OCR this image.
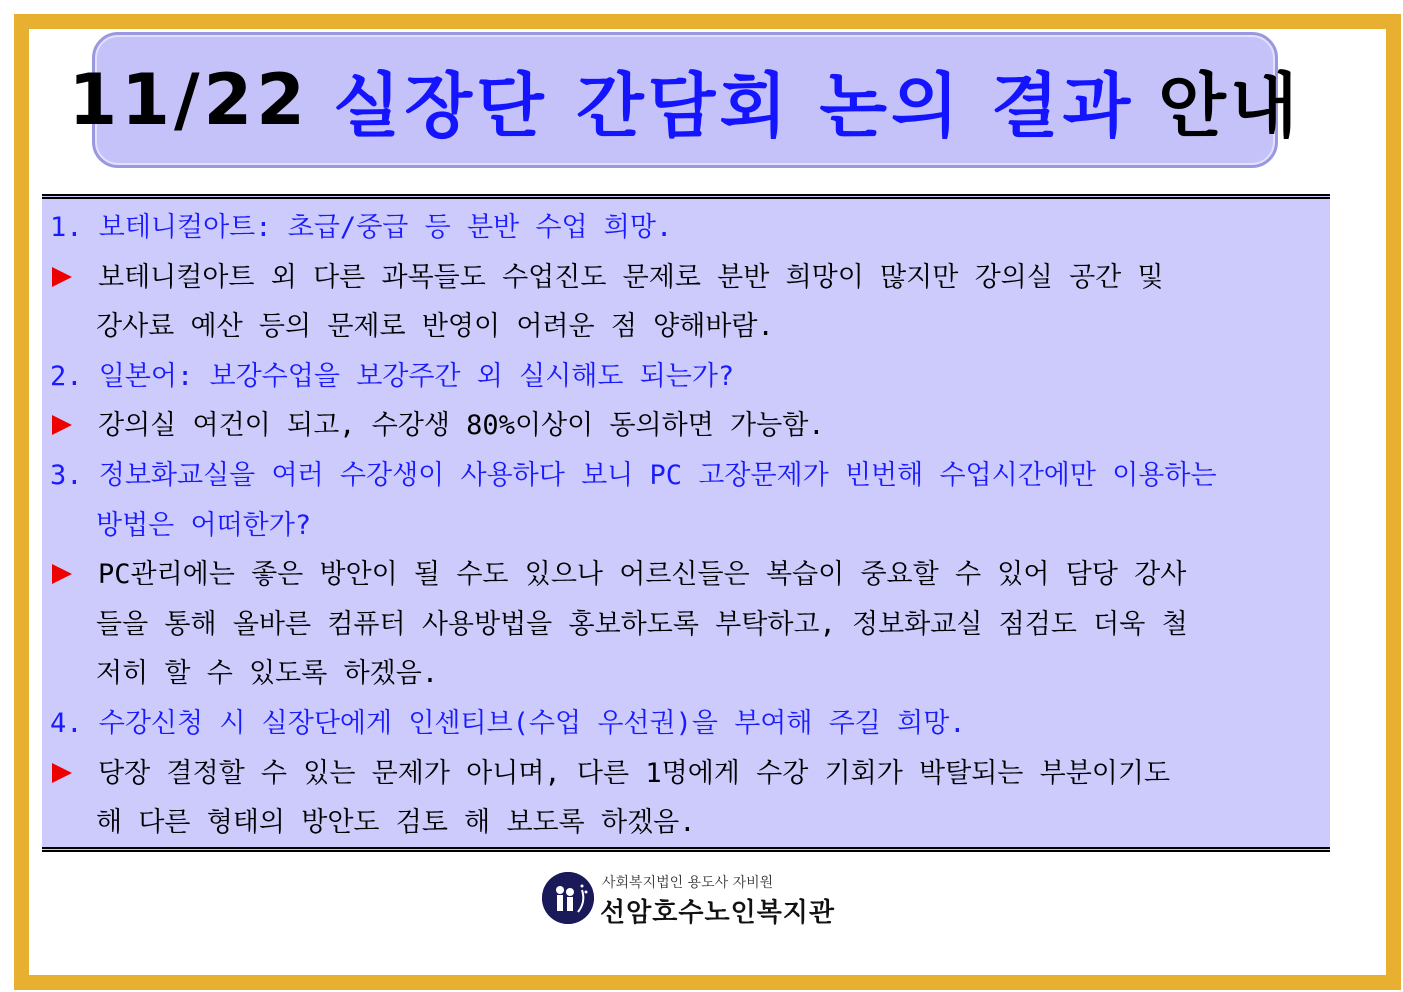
11/22 실장단 간담회 논의 결과 안내
1. 보테니컬아트: 초급/중급 등 분반 수업 희망.
보테니컬아트 외 다른 과목들도 수업진도 문제로 분반 희망이 많지만 강의실 공간 및
강사료 예산 등의 문제로 반영이 어려운 점 양해바람.
2. 일본어: 보강수업을 보강주간 외 실시해도 되는가?
강의실 여건이 되고, 수강생 80%이상이 동의하면 가능함.
3. 정보화교실을 여러 수강생이 사용하다 보니 PC 고장문제가 빈번해 수업시간에만 이용하는
방법은 어떠한가?
PC관리에는 좋은 방안이 될 수도 있으나 어르신들은 복습이 중요할 수 있어 담당 강사
들을 통해 올바른 컴퓨터 사용방법을 홍보하도록 부탁하고, 정보화교실 점검도 더욱 철
저히 할 수 있도록 하겠음.
4. 수강신청 시 실장단에게 인센티브(수업 우선권)을 부여해 주길 희망.
당장 결정할 수 있는 문제가 아니며, 다른 1명에게 수강 기회가 박탈되는 부분이기도
해 다른 형태의 방안도 검토 해 보도록 하겠음.
사회복지법인 용도사 자비원
선암호수노인복지관
